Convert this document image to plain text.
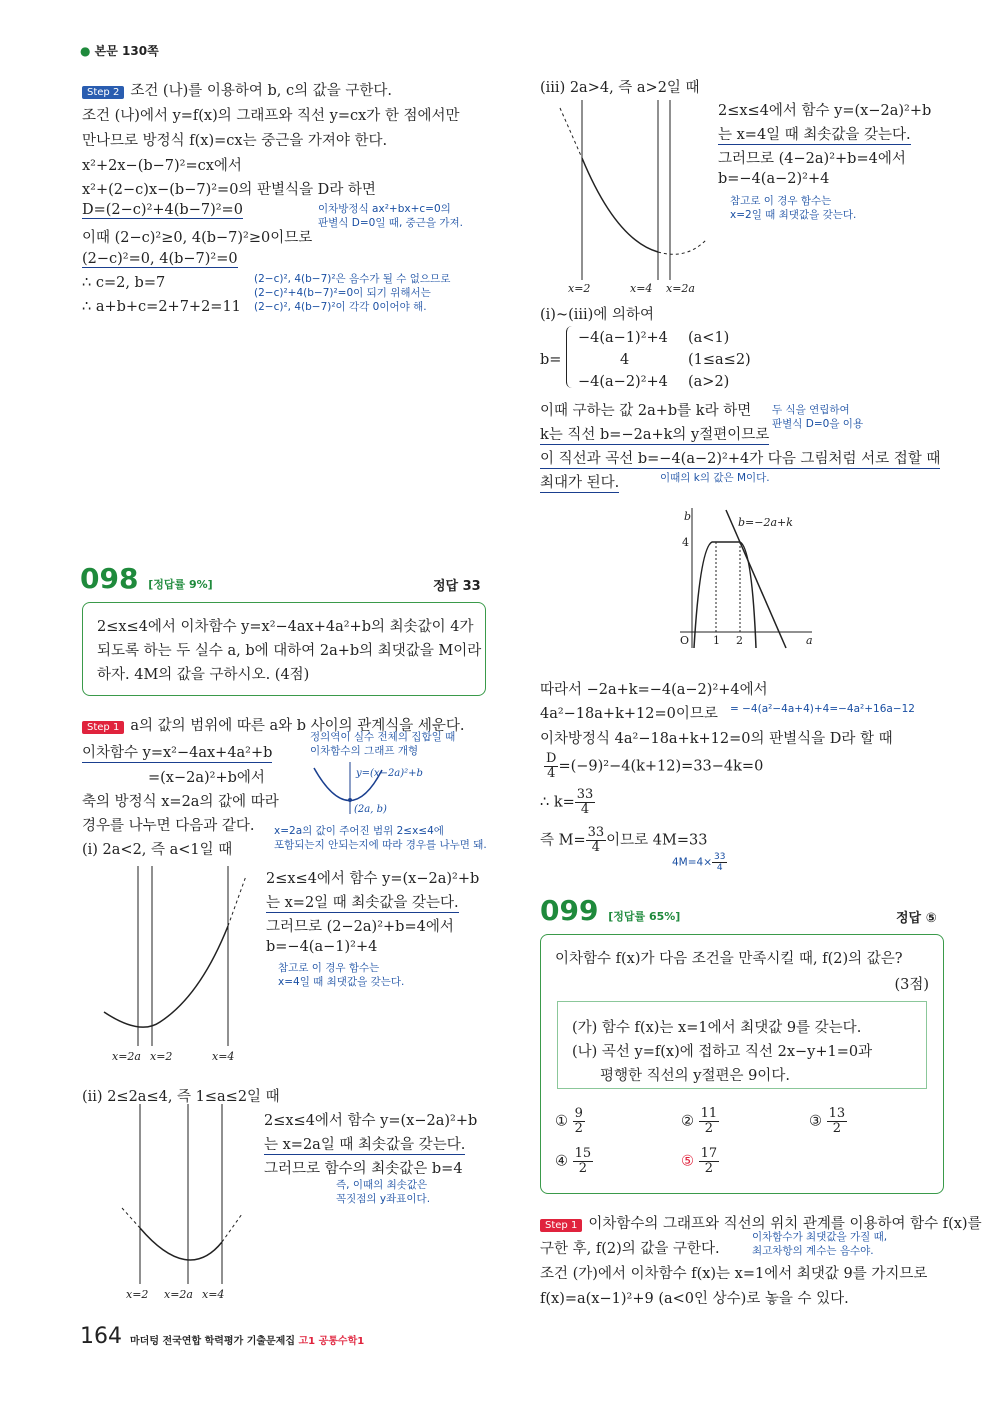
● 본문 130쪽
Step 2 조건 (나)를 이용하여 b, c의 값을 구한다.
조건 (나)에서 y=f(x)의 그래프와 직선 y=cx가 한 점에서만
만나므로 방정식 f(x)=cx는 중근을 가져야 한다.
x²+2x−(b−7)²=cx에서
x²+(2−c)x−(b−7)²=0의 판별식을 D라 하면
D=(2−c)²+4(b−7)²=0
이때 (2−c)²≥0, 4(b−7)²≥0이므로
(2−c)²=0, 4(b−7)²=0
∴ c=2, b=7
∴ a+b+c=2+7+2=11
이차방정식 ax²+bx+c=0의
판별식 D=0일 때, 중근을 가져.
(2−c)², 4(b−7)²은 음수가 될 수 없으므로
(2−c)²+4(b−7)²=0이 되기 위해서는
(2−c)², 4(b−7)²이 각각 0이어야 해.
098 [정답률 9%]	정답 33
2≤x≤4에서 이차함수 y=x²−4ax+4a²+b의 최솟값이 4가
되도록 하는 두 실수 a, b에 대하여 2a+b의 최댓값을 M이라
하자. 4M의 값을 구하시오. (4점)
Step 1 a의 값의 범위에 따른 a와 b 사이의 관계식을 세운다.
이차함수 y=x²−4ax+4a²+b
=(x−2a)²+b에서
축의 방정식 x=2a의 값에 따라
경우를 나누면 다음과 같다.
(i) 2a<2, 즉 a<1일 때
정의역이 실수 전체의 집합일 때
이차함수의 그래프 개형
y=(x−2a)²+b
(2a, b)
x=2a의 값이 주어진 범위 2≤x≤4에
포함되는지 안되는지에 따라 경우를 나누면 돼.
x=2a x=2	x=4
2≤x≤4에서 함수 y=(x−2a)²+b
는 x=2일 때 최솟값을 갖는다.
그러므로 (2−2a)²+b=4에서
b=−4(a−1)²+4
참고로 이 경우 함수는
x=4일 때 최댓값을 갖는다.
(ii) 2≤2a≤4, 즉 1≤a≤2일 때
x=2 x=2a x=4
2≤x≤4에서 함수 y=(x−2a)²+b
는 x=2a일 때 최솟값을 갖는다.
그러므로 함수의 최솟값은 b=4
즉, 이때의 최솟값은
꼭짓점의 y좌표이다.
(iii) 2a>4, 즉 a>2일 때
x=2	x=4 x=2a
2≤x≤4에서 함수 y=(x−2a)²+b
는 x=4일 때 최솟값을 갖는다.
그러므로 (4−2a)²+b=4에서
b=−4(a−2)²+4
참고로 이 경우 함수는
x=2일 때 최댓값을 갖는다.
(i)~(iii)에 의하여
b=
−4(a−1)²+4 (a<1)
4	(1≤a≤2)
−4(a−2)²+4 (a>2)
이때 구하는 값 2a+b를 k라 하면
k는 직선 b=−2a+k의 y절편이므로
이 직선과 곡선 b=−4(a−2)²+4가 다음 그림처럼 서로 접할 때
최대가 된다.
두 식을 연립하여
판별식 D=0을 이용
이때의 k의 값은 M이다.
b
4
O 1 2	a
b=−2a+k
따라서 −2a+k=−4(a−2)²+4에서
4a²−18a+k+12=0이므로 = −4(a²−4a+4)+4=−4a²+16a−12
이차방정식 4a²−18a+k+12=0의 판별식을 D라 할 때
$\frac{D}{4} =(-9)^2-4(k+12)=33-4k=0$
∴ $k= \frac{33}{4}$
즉 $M= \frac{33}{4}$ 이므로 4M=33
$4M=4\times \frac{33}{4}$
099 [정답률 65%]	정답 ⑤
이차함수 f(x)가 다음 조건을 만족시킬 때, f(2)의 값은?
(3점)
(가) 함수 f(x)는 x=1에서 최댓값 9를 갖는다.
(나) 곡선 y=f(x)에 접하고 직선 2x−y+1=0과
평행한 직선의 y절편은 9이다.
① $\frac{9}{2}$	② $\frac{11}{2}$	③ $\frac{13}{2}$
④ $\frac{15}{2}$	⑤ $\frac{17}{2}$
Step 1 이차함수의 그래프와 직선의 위치 관계를 이용하여 함수 f(x)를
구한 후, f(2)의 값을 구한다.
이차함수가 최댓값을 가질 때,
최고차항의 계수는 음수야.
조건 (가)에서 이차함수 f(x)는 x=1에서 최댓값 9를 가지므로
f(x)=a(x−1)²+9 (a<0인 상수)로 놓을 수 있다.
164 마더텅 전국연합 학력평가 기출문제집 고1 공통수학1
